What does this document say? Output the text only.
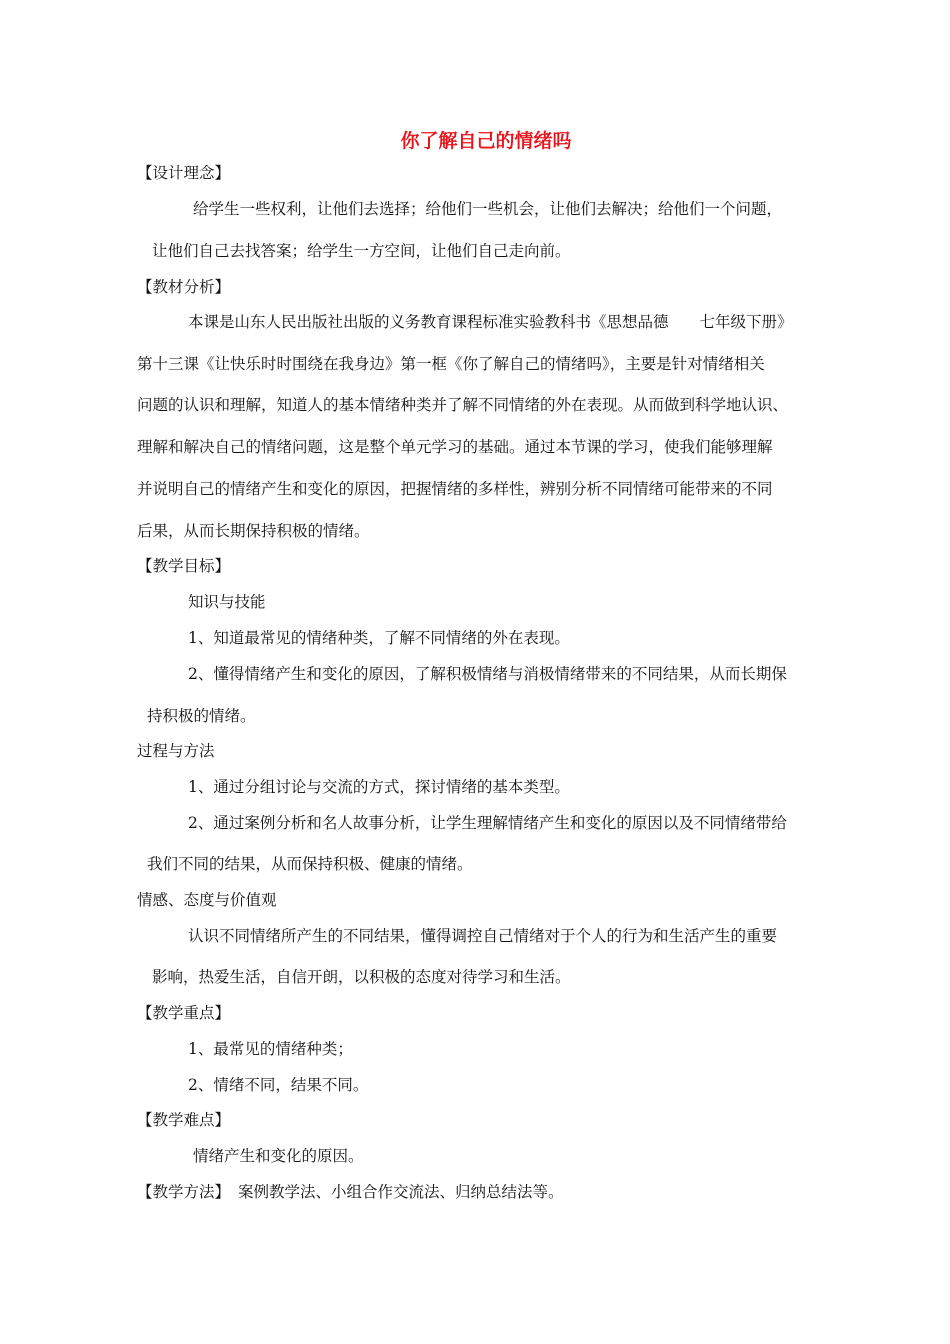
你了解自己的情绪吗
【设计理念】
给学生一些权利，让他们去选择；给他们一些机会，让他们去解决；给他们一个问题，
让他们自己去找答案；给学生一方空间，让他们自己走向前。
【教材分析】
本课是山东人民出版社出版的义务教育课程标准实验教科书《思想品德　　七年级下册》
第十三课《让快乐时时围绕在我身边》第一框《你了解自己的情绪吗》，主要是针对情绪相关
问题的认识和理解，知道人的基本情绪种类并了解不同情绪的外在表现。从而做到科学地认识、
理解和解决自己的情绪问题，这是整个单元学习的基础。通过本节课的学习，使我们能够理解
并说明自己的情绪产生和变化的原因，把握情绪的多样性，辨别分析不同情绪可能带来的不同
后果，从而长期保持积极的情绪。
【教学目标】
知识与技能
1、知道最常见的情绪种类，了解不同情绪的外在表现。
2、懂得情绪产生和变化的原因，了解积极情绪与消极情绪带来的不同结果，从而长期保
持积极的情绪。
过程与方法
1、通过分组讨论与交流的方式，探讨情绪的基本类型。
2、通过案例分析和名人故事分析，让学生理解情绪产生和变化的原因以及不同情绪带给
我们不同的结果，从而保持积极、健康的情绪。
情感、态度与价值观
认识不同情绪所产生的不同结果，懂得调控自己情绪对于个人的行为和生活产生的重要
影响，热爱生活，自信开朗，以积极的态度对待学习和生活。
【教学重点】
1、最常见的情绪种类；
2、情绪不同，结果不同。
【教学难点】
情绪产生和变化的原因。
【教学方法】 案例教学法、小组合作交流法、归纳总结法等。
